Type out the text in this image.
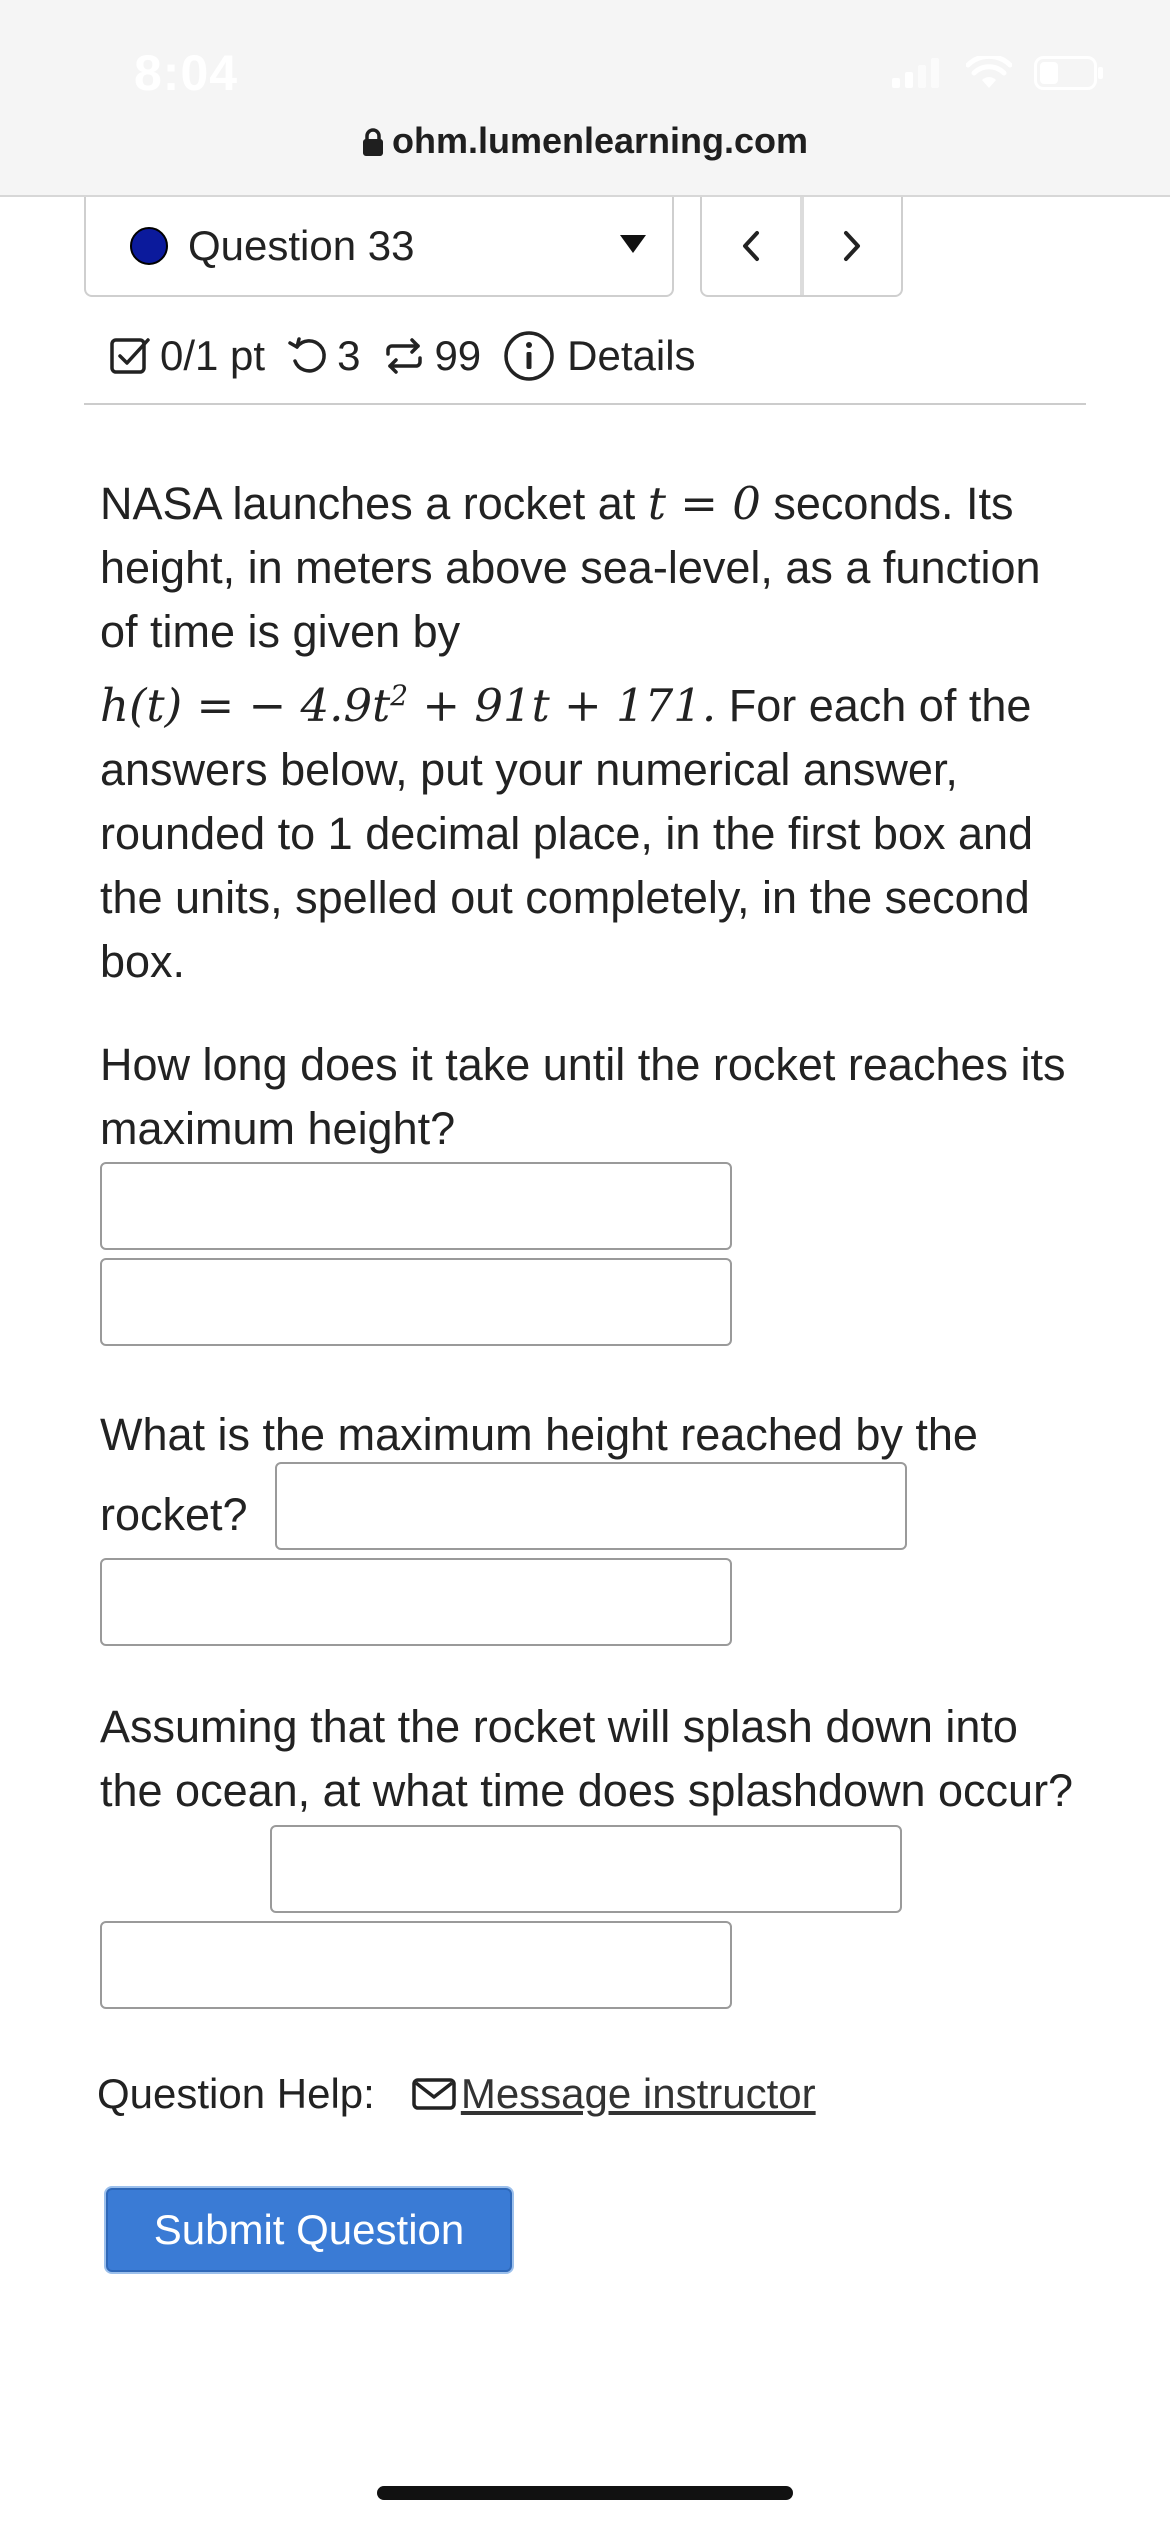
8:04
ohm.lumenlearning.com
Question 33
0/1 pt 3 99 Details
NASA launches a rocket at t = 0 seconds. Its height, in meters above sea-level, as a function of time is given by
h(t) = − $4.9t^2 + 91t + 171$. For each of the answers below, put your numerical answer, rounded to 1 decimal place, in the first box and the units, spelled out completely, in the second box.
How long does it take until the rocket reaches its maximum height?
What is the maximum height reached by the rocket?
Assuming that the rocket will splash down into the ocean, at what time does splashdown occur?
Question Help: Message instructor
Submit Question
